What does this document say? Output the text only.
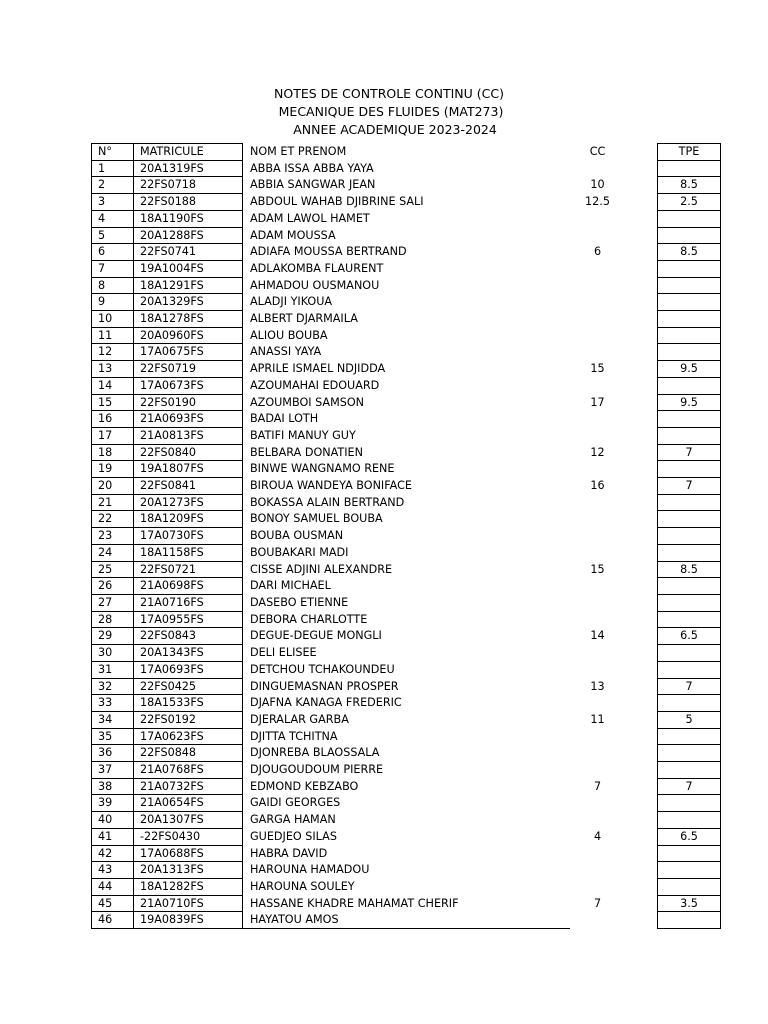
NOTES DE CONTROLE CONTINU (CC)
MECANIQUE DES FLUIDES (MAT273)
ANNEE ACADEMIQUE 2023-2024
N°	MATRICULE	NOM ET PRENOM	CC		TPE
1	20A1319FS	ABBA ISSA ABBA YAYA			
2	22FS0718	ABBIA SANGWAR JEAN	10		8.5
3	22FS0188	ABDOUL WAHAB DJIBRINE SALI	12.5		2.5
4	18A1190FS	ADAM LAWOL HAMET			
5	20A1288FS	ADAM MOUSSA			
6	22FS0741	ADIAFA MOUSSA BERTRAND	6		8.5
7	19A1004FS	ADLAKOMBA FLAURENT			
8	18A1291FS	AHMADOU OUSMANOU			
9	20A1329FS	ALADJI YIKOUA			
10	18A1278FS	ALBERT DJARMAILA			
11	20A0960FS	ALIOU BOUBA			
12	17A0675FS	ANASSI YAYA			
13	22FS0719	APRILE ISMAEL NDJIDDA	15		9.5
14	17A0673FS	AZOUMAHAI EDOUARD			
15	22FS0190	AZOUMBOI SAMSON	17		9.5
16	21A0693FS	BADAI LOTH			
17	21A0813FS	BATIFI MANUY GUY			
18	22FS0840	BELBARA DONATIEN	12		7
19	19A1807FS	BINWE WANGNAMO RENE			
20	22FS0841	BIROUA WANDEYA BONIFACE	16		7
21	20A1273FS	BOKASSA ALAIN BERTRAND			
22	18A1209FS	BONOY SAMUEL BOUBA			
23	17A0730FS	BOUBA OUSMAN			
24	18A1158FS	BOUBAKARI MADI			
25	22FS0721	CISSE ADJINI ALEXANDRE	15		8.5
26	21A0698FS	DARI MICHAEL			
27	21A0716FS	DASEBO ETIENNE			
28	17A0955FS	DEBORA CHARLOTTE			
29	22FS0843	DEGUE-DEGUE MONGLI	14		6.5
30	20A1343FS	DELI ELISEE			
31	17A0693FS	DETCHOU TCHAKOUNDEU			
32	22FS0425	DINGUEMASNAN PROSPER	13		7
33	18A1533FS	DJAFNA KANAGA FREDERIC			
34	22FS0192	DJERALAR GARBA	11		5
35	17A0623FS	DJITTA TCHITNA			
36	22FS0848	DJONREBA BLAOSSALA			
37	21A0768FS	DJOUGOUDOUM PIERRE			
38	21A0732FS	EDMOND KEBZABO	7		7
39	21A0654FS	GAIDI GEORGES			
40	20A1307FS	GARGA HAMAN			
41	-22FS0430	GUEDJEO SILAS	4		6.5
42	17A0688FS	HABRA DAVID			
43	20A1313FS	HAROUNA HAMADOU			
44	18A1282FS	HAROUNA SOULEY			
45	21A0710FS	HASSANE KHADRE MAHAMAT CHERIF	7		3.5
46	19A0839FS	HAYATOU AMOS			
